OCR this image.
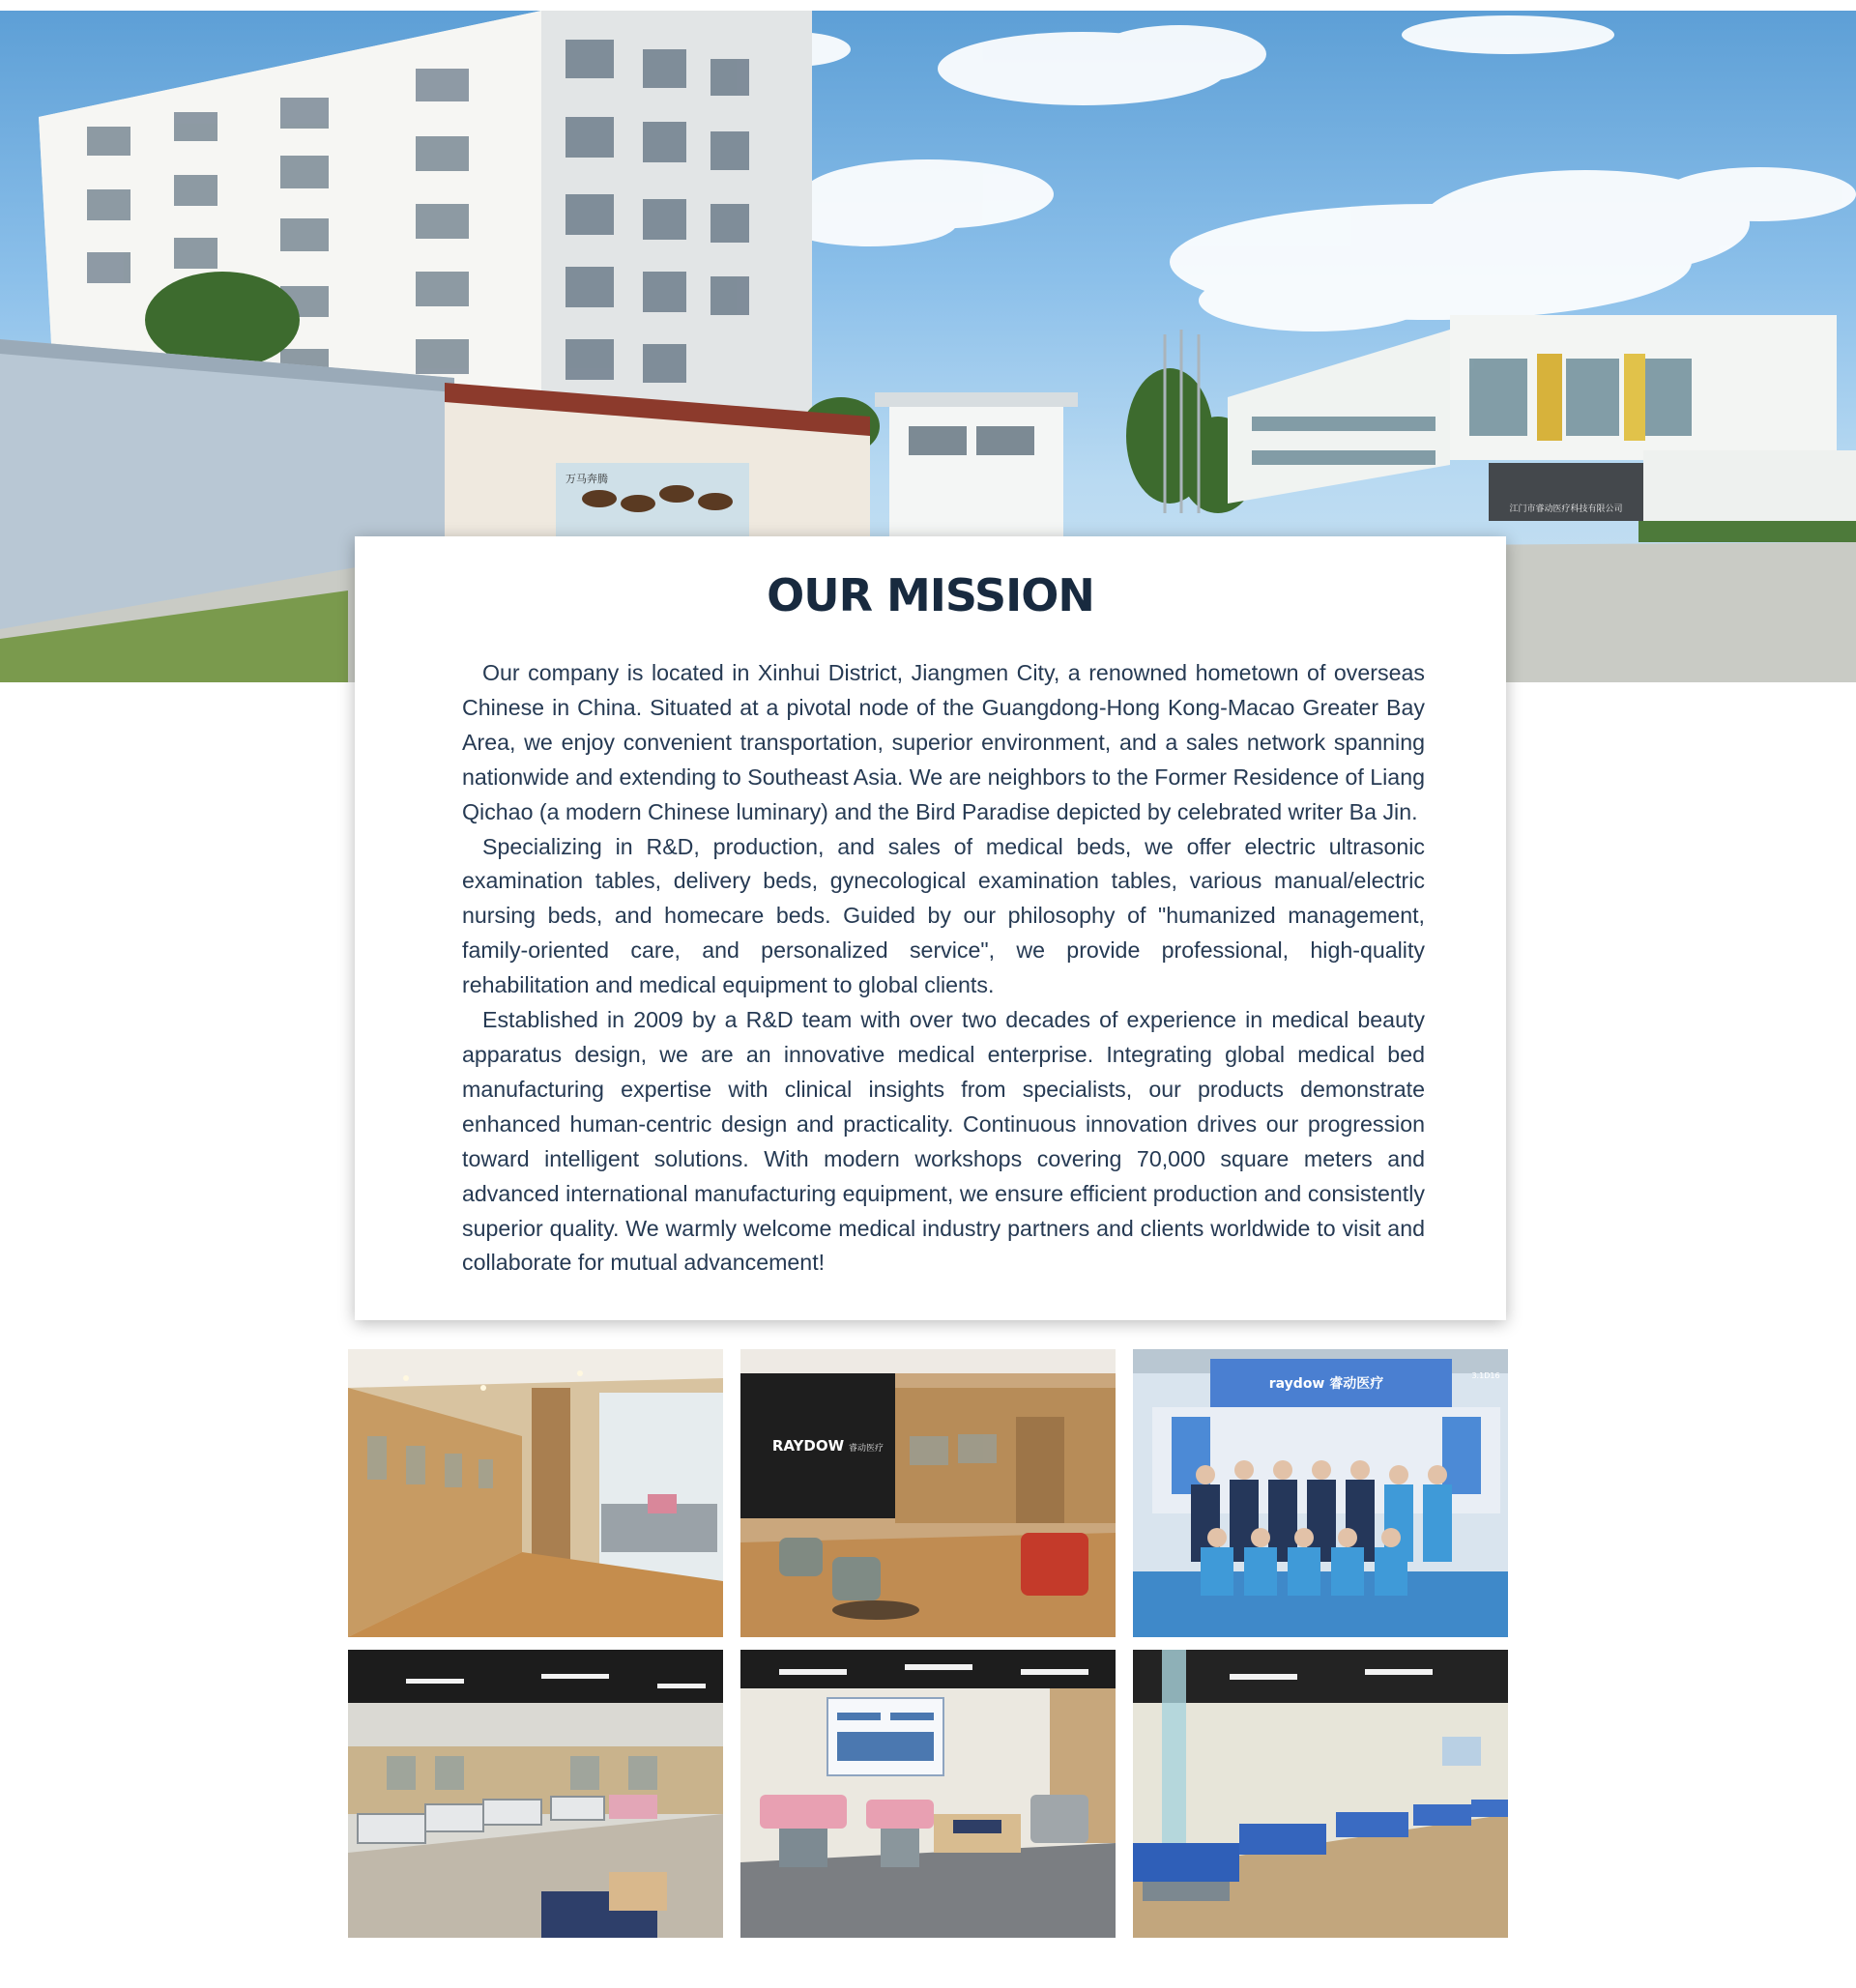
万马奔腾
江门市睿动医疗科技有限公司
OUR MISSION

Our company is located in Xinhui District, Jiangmen City, a renowned hometown of overseas Chinese in China. Situated at a pivotal node of the Guangdong-Hong Kong-Macao Greater Bay Area, we enjoy convenient transportation, superior environment, and a sales network spanning nationwide and extending to Southeast Asia. We are neighbors to the Former Residence of Liang Qichao (a modern Chinese luminary) and the Bird Paradise depicted by celebrated writer Ba Jin.

Specializing in R&D, production, and sales of medical beds, we offer electric ultrasonic examination tables, delivery beds, gynecological examination tables, various manual/electric nursing beds, and homecare beds. Guided by our philosophy of "humanized management, family-oriented care, and personalized service", we provide professional, high-quality rehabilitation and medical equipment to global clients.

Established in 2009 by a R&D team with over two decades of experience in medical beauty apparatus design, we are an innovative medical enterprise. Integrating global medical bed manufacturing expertise with clinical insights from specialists, our products demonstrate enhanced human-centric design and practicality. Continuous innovation drives our progression toward intelligent solutions. With modern workshops covering 70,000 square meters and advanced international manufacturing equipment, we ensure efficient production and consistently superior quality. We warmly welcome medical industry partners and clients worldwide to visit and collaborate for mutual advancement!

RAYDOW 睿动医疗
raydow 睿动医疗
3.1D16
